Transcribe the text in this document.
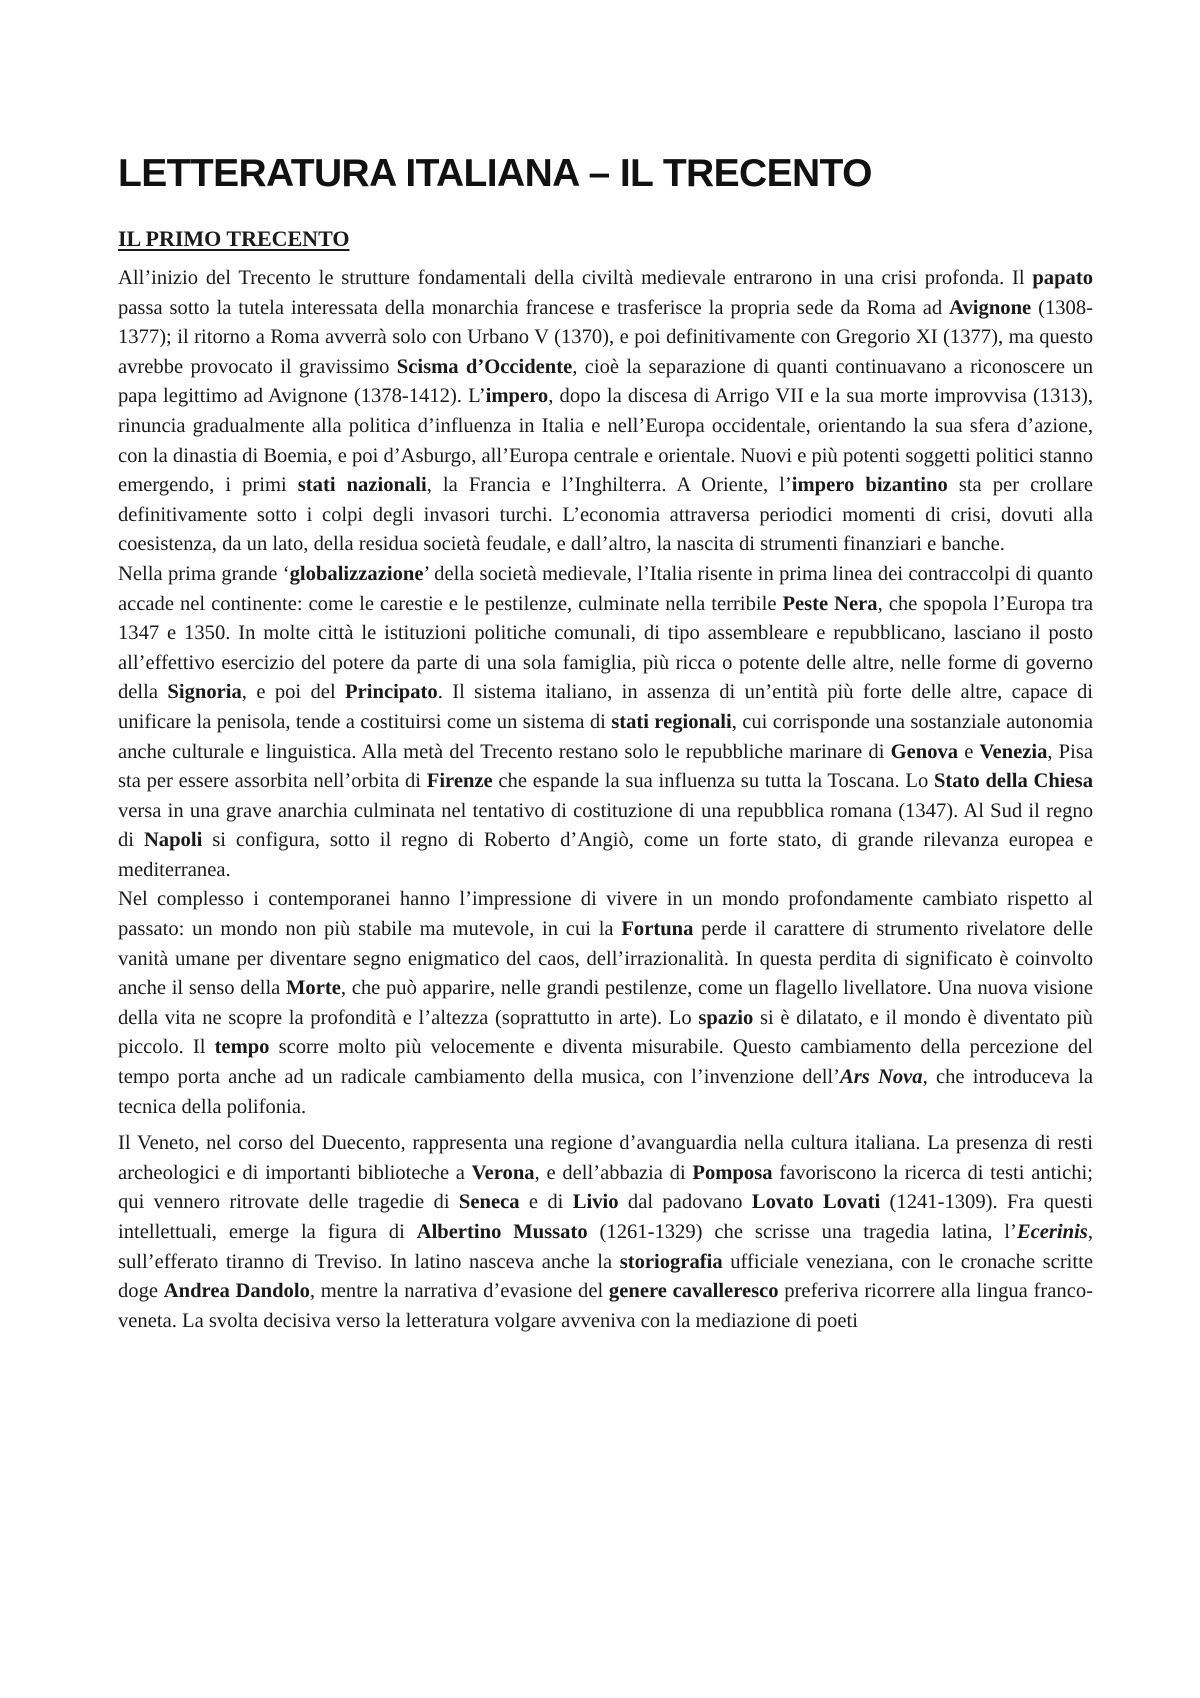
LETTERATURA ITALIANA – IL TRECENTO
IL PRIMO TRECENTO

All’inizio del Trecento le strutture fondamentali della civiltà medievale entrarono in una crisi profonda. Il papato passa sotto la tutela interessata della monarchia francese e trasferisce la propria sede da Roma ad Avignone (1308-1377); il ritorno a Roma avverrà solo con Urbano V (1370), e poi definitivamente con Gregorio XI (1377), ma questo avrebbe provocato il gravissimo Scisma d’Occidente, cioè la separazione di quanti continuavano a riconoscere un papa legittimo ad Avignone (1378-1412). L’impero, dopo la discesa di Arrigo VII e la sua morte improvvisa (1313), rinuncia gradualmente alla politica d’influenza in Italia e nell’Europa occidentale, orientando la sua sfera d’azione, con la dinastia di Boemia, e poi d’Asburgo, all’Europa centrale e orientale. Nuovi e più potenti soggetti politici stanno emergendo, i primi stati nazionali, la Francia e l’Inghilterra. A Oriente, l’impero bizantino sta per crollare definitivamente sotto i colpi degli invasori turchi. L’economia attraversa periodici momenti di crisi, dovuti alla coesistenza, da un lato, della residua società feudale, e dall’altro, la nascita di strumenti finanziari e banche.

Nella prima grande ‘globalizzazione’ della società medievale, l’Italia risente in prima linea dei contraccolpi di quanto accade nel continente: come le carestie e le pestilenze, culminate nella terribile Peste Nera, che spopola l’Europa tra 1347 e 1350. In molte città le istituzioni politiche comunali, di tipo assembleare e repubblicano, lasciano il posto all’effettivo esercizio del potere da parte di una sola famiglia, più ricca o potente delle altre, nelle forme di governo della Signoria, e poi del Principato. Il sistema italiano, in assenza di un’entità più forte delle altre, capace di unificare la penisola, tende a costituirsi come un sistema di stati regionali, cui corrisponde una sostanziale autonomia anche culturale e linguistica. Alla metà del Trecento restano solo le repubbliche marinare di Genova e Venezia, Pisa sta per essere assorbita nell’orbita di Firenze che espande la sua influenza su tutta la Toscana. Lo Stato della Chiesa versa in una grave anarchia culminata nel tentativo di costituzione di una repubblica romana (1347). Al Sud il regno di Napoli si configura, sotto il regno di Roberto d’Angiò, come un forte stato, di grande rilevanza europea e mediterranea.

Nel complesso i contemporanei hanno l’impressione di vivere in un mondo profondamente cambiato rispetto al passato: un mondo non più stabile ma mutevole, in cui la Fortuna perde il carattere di strumento rivelatore delle vanità umane per diventare segno enigmatico del caos, dell’irrazionalità. In questa perdita di significato è coinvolto anche il senso della Morte, che può apparire, nelle grandi pestilenze, come un flagello livellatore. Una nuova visione della vita ne scopre la profondità e l’altezza (soprattutto in arte). Lo spazio si è dilatato, e il mondo è diventato più piccolo. Il tempo scorre molto più velocemente e diventa misurabile. Questo cambiamento della percezione del tempo porta anche ad un radicale cambiamento della musica, con l’invenzione dell’Ars Nova, che introduceva la tecnica della polifonia.

Il Veneto, nel corso del Duecento, rappresenta una regione d’avanguardia nella cultura italiana. La presenza di resti archeologici e di importanti biblioteche a Verona, e dell’abbazia di Pomposa favoriscono la ricerca di testi antichi; qui vennero ritrovate delle tragedie di Seneca e di Livio dal padovano Lovato Lovati (1241-1309). Fra questi intellettuali, emerge la figura di Albertino Mussato (1261-1329) che scrisse una tragedia latina, l’Ecerinis, sull’efferato tiranno di Treviso. In latino nasceva anche la storiografia ufficiale veneziana, con le cronache scritte doge Andrea Dandolo, mentre la narrativa d’evasione del genere cavalleresco preferiva ricorrere alla lingua franco-veneta. La svolta decisiva verso la letteratura volgare avveniva con la mediazione di poeti
